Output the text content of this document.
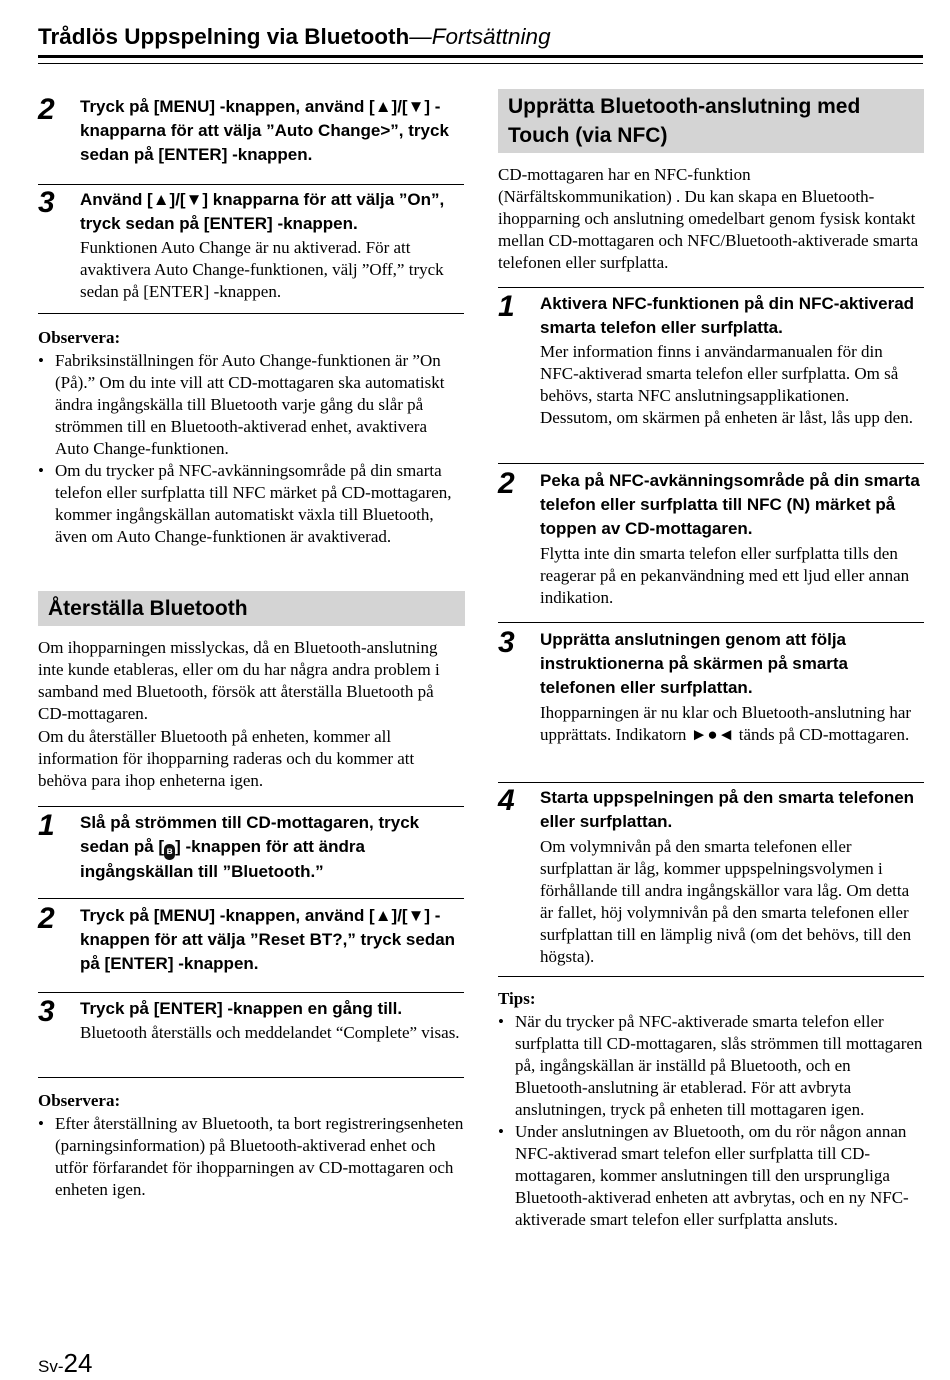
Trådlös Uppspelning via Bluetooth—Fortsättning
2 Tryck på [MENU] -knappen, använd [▲]/[▼] -knapparna för att välja ”Auto Change>”, tryck sedan på [ENTER] -knappen.
3 Använd [▲]/[▼] knapparna för att välja ”On”, tryck sedan på [ENTER] -knappen.
Funktionen Auto Change är nu aktiverad. För att avaktivera Auto Change-funktionen, välj ”Off,” tryck sedan på [ENTER] -knappen.
Observera:
• Fabriksinställningen för Auto Change-funktionen är ”On (På).” Om du inte vill att CD-mottagaren ska automatiskt ändra ingångskälla till Bluetooth varje gång du slår på strömmen till en Bluetooth-aktiverad enhet, avaktivera Auto Change-funktionen.
• Om du trycker på NFC-avkänningsområde på din smarta telefon eller surfplatta till NFC märket på CD-mottagaren, kommer ingångskällan automatiskt växla till Bluetooth, även om Auto Change-funktionen är avaktiverad.
Återställa Bluetooth
Om ihopparningen misslyckas, då en Bluetooth-anslutning inte kunde etableras, eller om du har några andra problem i samband med Bluetooth, försök att återställa Bluetooth på CD-mottagaren.
Om du återställer Bluetooth på enheten, kommer all information för ihopparning raderas och du kommer att behöva para ihop enheterna igen.
1 Slå på strömmen till CD-mottagaren, tryck sedan på [ ʙ ] -knappen för att ändra ingångskällan till ”Bluetooth.”
2 Tryck på [MENU] -knappen, använd [▲]/[▼] -knappen för att välja ”Reset BT?,” tryck sedan på [ENTER] -knappen.
3 Tryck på [ENTER] -knappen en gång till.
Bluetooth återställs och meddelandet “Complete” visas.
Observera:
• Efter återställning av Bluetooth, ta bort registreringsenheten (parningsinformation) på Bluetooth-aktiverad enhet och utför förfarandet för ihopparningen av CD-mottagaren och enheten igen.
Upprätta Bluetooth-anslutning med Touch (via NFC)
CD-mottagaren har en NFC-funktion (Närfältskommunikation) . Du kan skapa en Bluetooth-ihopparning och anslutning omedelbart genom fysisk kontakt mellan CD-mottagaren och NFC/Bluetooth-aktiverade smarta telefonen eller surfplatta.
1 Aktivera NFC-funktionen på din NFC-aktiverad smarta telefon eller surfplatta.
Mer information finns i användarmanualen för din NFC-aktiverad smarta telefon eller surfplatta. Om så behövs, starta NFC anslutningsapplikationen. Dessutom, om skärmen på enheten är låst, lås upp den.
2 Peka på NFC-avkänningsområde på din smarta telefon eller surfplatta till NFC (N) märket på toppen av CD-mottagaren.
Flytta inte din smarta telefon eller surfplatta tills den reagerar på en pekanvändning med ett ljud eller annan indikation.
3 Upprätta anslutningen genom att följa instruktionerna på skärmen på smarta telefonen eller surfplattan.
Ihopparningen är nu klar och Bluetooth-anslutning har upprättats. Indikatorn ►●◄ tänds på CD-mottagaren.
4 Starta uppspelningen på den smarta telefonen eller surfplattan.
Om volymnivån på den smarta telefonen eller surfplattan är låg, kommer uppspelningsvolymen i förhållande till andra ingångskällor vara låg. Om detta är fallet, höj volymnivån på den smarta telefonen eller surfplattan till en lämplig nivå (om det behövs, till den högsta).
Tips:
• När du trycker på NFC-aktiverade smarta telefon eller surfplatta till CD-mottagaren, slås strömmen till mottagaren på, ingångskällan är inställd på Bluetooth, och en Bluetooth-anslutning är etablerad. För att avbryta anslutningen, tryck på enheten till mottagaren igen.
• Under anslutningen av Bluetooth, om du rör någon annan NFC-aktiverad smart telefon eller surfplatta till CD-mottagaren, kommer anslutningen till den ursprungliga Bluetooth-aktiverad enheten att avbrytas, och en ny NFC-aktiverade smart telefon eller surfplatta ansluts.
Sv-24
